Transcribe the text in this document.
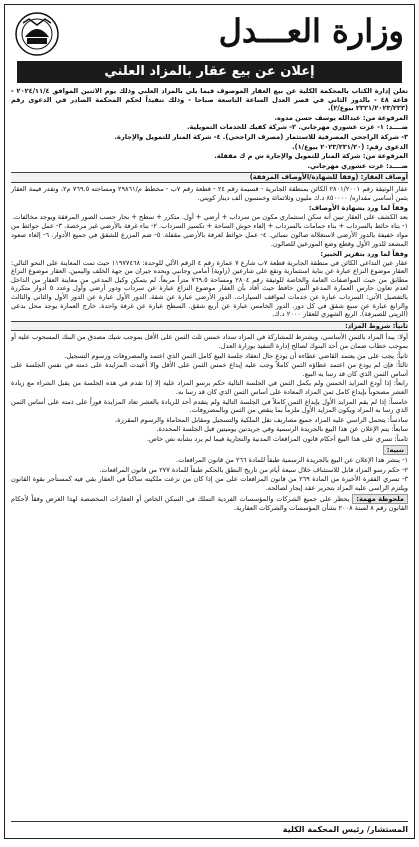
وزارة العـــدل
إعلان عن بيع عقار بالمزاد العلني

تعلن إدارة الكتاب بالمحكمة الكلية عن بيع العقار الموصوف فيما يلي بالمزاد العلني وذلك يوم الاثنين الموافق ٢٠٢٤/١١/٤ - قاعة ٤٨ - بالدور الثاني في قصر العدل الساعة التاسعة صباحا - وذلك تنفيذاً لحكم المحكمة الصادر في الدعوى رقم (٢٣٢١/٢٠٢٣/٢٣٣ بيوع/٢).

المرفوعة من: عبدالله يوسف حسن مدوه.

ضــــد: ١- عزت عشوري مهرجاني. ٢- شركة كفيك للخدمات التمويلية.

٣- شركة الراجحي المصرفية للاستثمار (مصرف الراجحي). ٤- شركة المنار للتمويل والإجارة.

الدعوى رقم: (٢٠٢٣/٢٣١/٢٠ بيوع/١).

المرفوعة من: شركة المنار للتمويل والإجارة ش م ك مقفلة.

ضــــد: عزت عشوري مهرجاني.

أوصاف العقار: (وفقاً للشهادة/الأوصاف المرفقة)

عقار الوثيقة رقم ٢٨٠١/٢٠٠١ الكائن بمنطقة الجابرية - قسيمة رقم ٢٤ - قطعة رقم ٧ب - مخطط م/٢٩٨٦١ ومساحته ٧٦٩.٥ م٢، وتقدر قيمة العقار بثمن أساسي مقداره/ ٨٥٠٠٠٠ د.ك مليون وثلاثمائة وخمسون ألف دينار كويتي.

وفقاً لما ورد بشهادة الأوصاف:

بعد الكشف على العقار تبين أنه سكن استثماري مكون من سرداب + أرضي + أول. متكرر + سطح + بحار حسب الصور المرفقة ويوجد مخالفات.

١- بناء حائط بالسرداب + بناء حمامات بالسرداب + إلغاء حوش الساحة + تكسير السرداب. ٢- بناء غرفة بالأرضي غير مرخصة. ٣- عمل حوائط من مواد خفيفة بالدور الأرضي لاستغلاله صالون نسائي. ٤- عمل حوائط لغرفة بالأرضي مقفلة. ٥- ضم المزرع للشقق في جميع الأدوار. ٦- إلغاء صعود المصعد للدور الأول وقطع وضع الموزعين للصالون.

وفقاً لما ورد بتقرير الخبير:

عقار عين التداعي الكائن في منطقة الجابرية قطعة ٧ب شارع ٧ عمارة رقم ٤ الرقم الآلي للوحدة: ١١٩٧٧٤٦٨ حيث تمت المعاينة على النحو التالي: العقار موضوع النزاع عبارة عن بناية استثمارية وتقع على شارعين (زاوية) أمامي وجانبي ويحده جيران من جهة الخلف واليمين. العقار موضوع النزاع مطابق من حيث المواصفات العامة والخاصة للوثيقة رقم ٢٨٠٤ ومساحة ٧٦٩.٥ متراً مربعاً. لم يتمكن وكيل المدعي من معاينة العقار من الداخل لعدم تعاون حارس العمارة المدعو آلبين حافظ حيث أفاد بأن العقار موضوع النزاع عبارة عن سرداب ودور أرضي وأول وعدد ٥ أدوار متكررة بالتفصيل الآتي: السرداب عبارة عن خدمات لمواقف السيارات. الدور الأرضي عبارة عن شقة. الدور الأول عبارة عن الدور الأول والثاني والثالث والرابع عبارة عن سبع شقق في كل دور. الدور الخامس عبارة عن أربع شقق. السطح عبارة عن غرفة واحدة. خارج العمارة يوجد محل بدعي (الزيتي للصيرفة). الريع الشهري للعقار ٢٠٠٠ د.ك.

ثانياً: شروط المزاد:

أولا: يبدأ المزاد بالثمن الأساسي، ويشترط للمشاركة في المزاد سداد خمس ثلث الثمن على الأقل بموجب شيك مصدق من البنك المسحوب عليه أو بموجب خطاب ضمان من أحد البنوك لصالح إدارة التنفيذ بوزارة العدل.

ثانياً: يجب على من يعتمد القاضي عطاءه أن يودع حال انعقاد جلسة البيع كامل الثمن الذي اعتمد والمصروفات ورسوم التسجيل.

ثالثاً: فإن لم يودع من اعتمد عطاؤه الثمن كاملاً وجب عليه إيداع خمس الثمن على الأقل وإلا أعيدت المزايدة على ذمته في نفس الجلسة على أساس الثمن الذي كان قد رسا به البيع.

رابعاً: إذا أودع المزايد الخمس ولم يكمل الثمن في الجلسة التالية حكم برسو المزاد عليه إلا إذا تقدم في هذه الجلسة من يقبل الشراء مع زيادة العشر مصحوباً بإيداع كامل ثمن المزاد المعادة على أساس الثمن الذي كان قد رسا به.

خامساً: إذا لم يقم المزايد الأول بإيداع الثمن كاملاً في الجلسة التالية ولم يتقدم أحد للزيادة بالعشر تعاد المزايدة فوراً على ذمته على أساس الثمن الذي رسا به المزاد ويكون المزايد الأول ملزماً بما ينقص من الثمن وبالمصروفات.

سادساً: يتحمل الراسي عليه المزاد جميع مصاريف نقل الملكية والتسجيل ومقابل المحاماة والرسوم المقررة.

سابعاً: يتم الإعلان عن هذا البيع بالجريدة الرسمية وفي جريدتين يوميتين قبل الجلسة المحددة.

ثامناً: تسري على هذا البيع أحكام قانون المرافعات المدنية والتجارية فيما لم يرد بشأنه نص خاص.

تنبيه:

١- ينشر هذا الإعلان عن البيع بالجريدة الرسمية طبقاً للمادة ٢٦٦ من قانون المرافعات.

٢- حكم رسو المزاد قابل للاستئناف خلال سبعة أيام من تاريخ النطق بالحكم طبقاً للمادة ٢٧٧ من قانون المرافعات.

٣- تسري الفقرة الأخيرة من المادة ٢٦٩ من قانون المرافعات على من إذا كان من نزعت ملكيته ساكناً في العقار بقي فيه كمستأجر بقوة القانون ويلتزم الراسي عليه المزاد بتحرير عقد إيجار لصالحه.

ملحوظة مهمة:يحظر على جميع الشركات والمؤسسات الفردية التملك في السكن الخاص أو العقارات المخصصة لهذا الغرض وفقاً لأحكام القانون رقم ٨ لسنة ٢٠٠٨ بشأن المؤسسات والشركات العقارية.

المستشار/ رئيس المحكمة الكلية
